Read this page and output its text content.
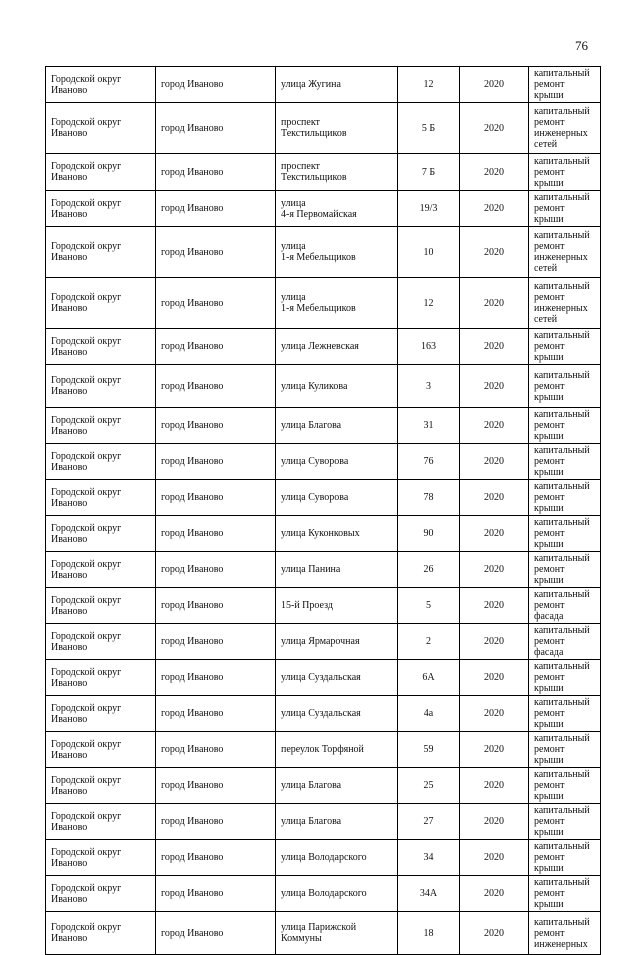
76
Городской округ
Иваново	город Иваново	улица Жугина	12	2020	капитальный
ремонт крыши

Городской округ
Иваново	город Иваново	проспект
Текстильщиков	5 Б	2020	капитальный
ремонт
инженерных
сетей

Городской округ
Иваново	город Иваново	проспект
Текстильщиков	7 Б	2020	капитальный
ремонт крыши

Городской округ
Иваново	город Иваново	улица
4-я Первомайская	19/3	2020	капитальный
ремонт крыши

Городской округ
Иваново	город Иваново	улица
1-я Мебельщиков	10	2020	капитальный
ремонт
инженерных
сетей

Городской округ
Иваново	город Иваново	улица
1-я Мебельщиков	12	2020	капитальный
ремонт
инженерных
сетей

Городской округ
Иваново	город Иваново	улица Лежневская	163	2020	капитальный
ремонт крыши

Городской округ
Иваново	город Иваново	улица Куликова	3	2020	капитальный
ремонт крыши

Городской округ
Иваново	город Иваново	улица Благова	31	2020	капитальный
ремонт крыши

Городской округ
Иваново	город Иваново	улица Суворова	76	2020	капитальный
ремонт крыши

Городской округ
Иваново	город Иваново	улица Суворова	78	2020	капитальный
ремонт крыши

Городской округ
Иваново	город Иваново	улица Куконковых	90	2020	капитальный
ремонт крыши

Городской округ
Иваново	город Иваново	улица Панина	26	2020	капитальный
ремонт крыши

Городской округ
Иваново	город Иваново	15-й Проезд	5	2020	капитальный
ремонт фасада

Городской округ
Иваново	город Иваново	улица Ярмарочная	2	2020	капитальный
ремонт фасада

Городской округ
Иваново	город Иваново	улица Суздальская	6А	2020	капитальный
ремонт крыши

Городской округ
Иваново	город Иваново	улица Суздальская	4а	2020	капитальный
ремонт крыши

Городской округ
Иваново	город Иваново	переулок Торфяной	59	2020	капитальный
ремонт крыши

Городской округ
Иваново	город Иваново	улица Благова	25	2020	капитальный
ремонт крыши

Городской округ
Иваново	город Иваново	улица Благова	27	2020	капитальный
ремонт крыши

Городской округ
Иваново	город Иваново	улица Володарского	34	2020	капитальный
ремонт крыши

Городской округ
Иваново	город Иваново	улица Володарского	34А	2020	капитальный
ремонт крыши

Городской округ
Иваново	город Иваново	улица Парижской
Коммуны	18	2020	капитальный
ремонт
инженерных
